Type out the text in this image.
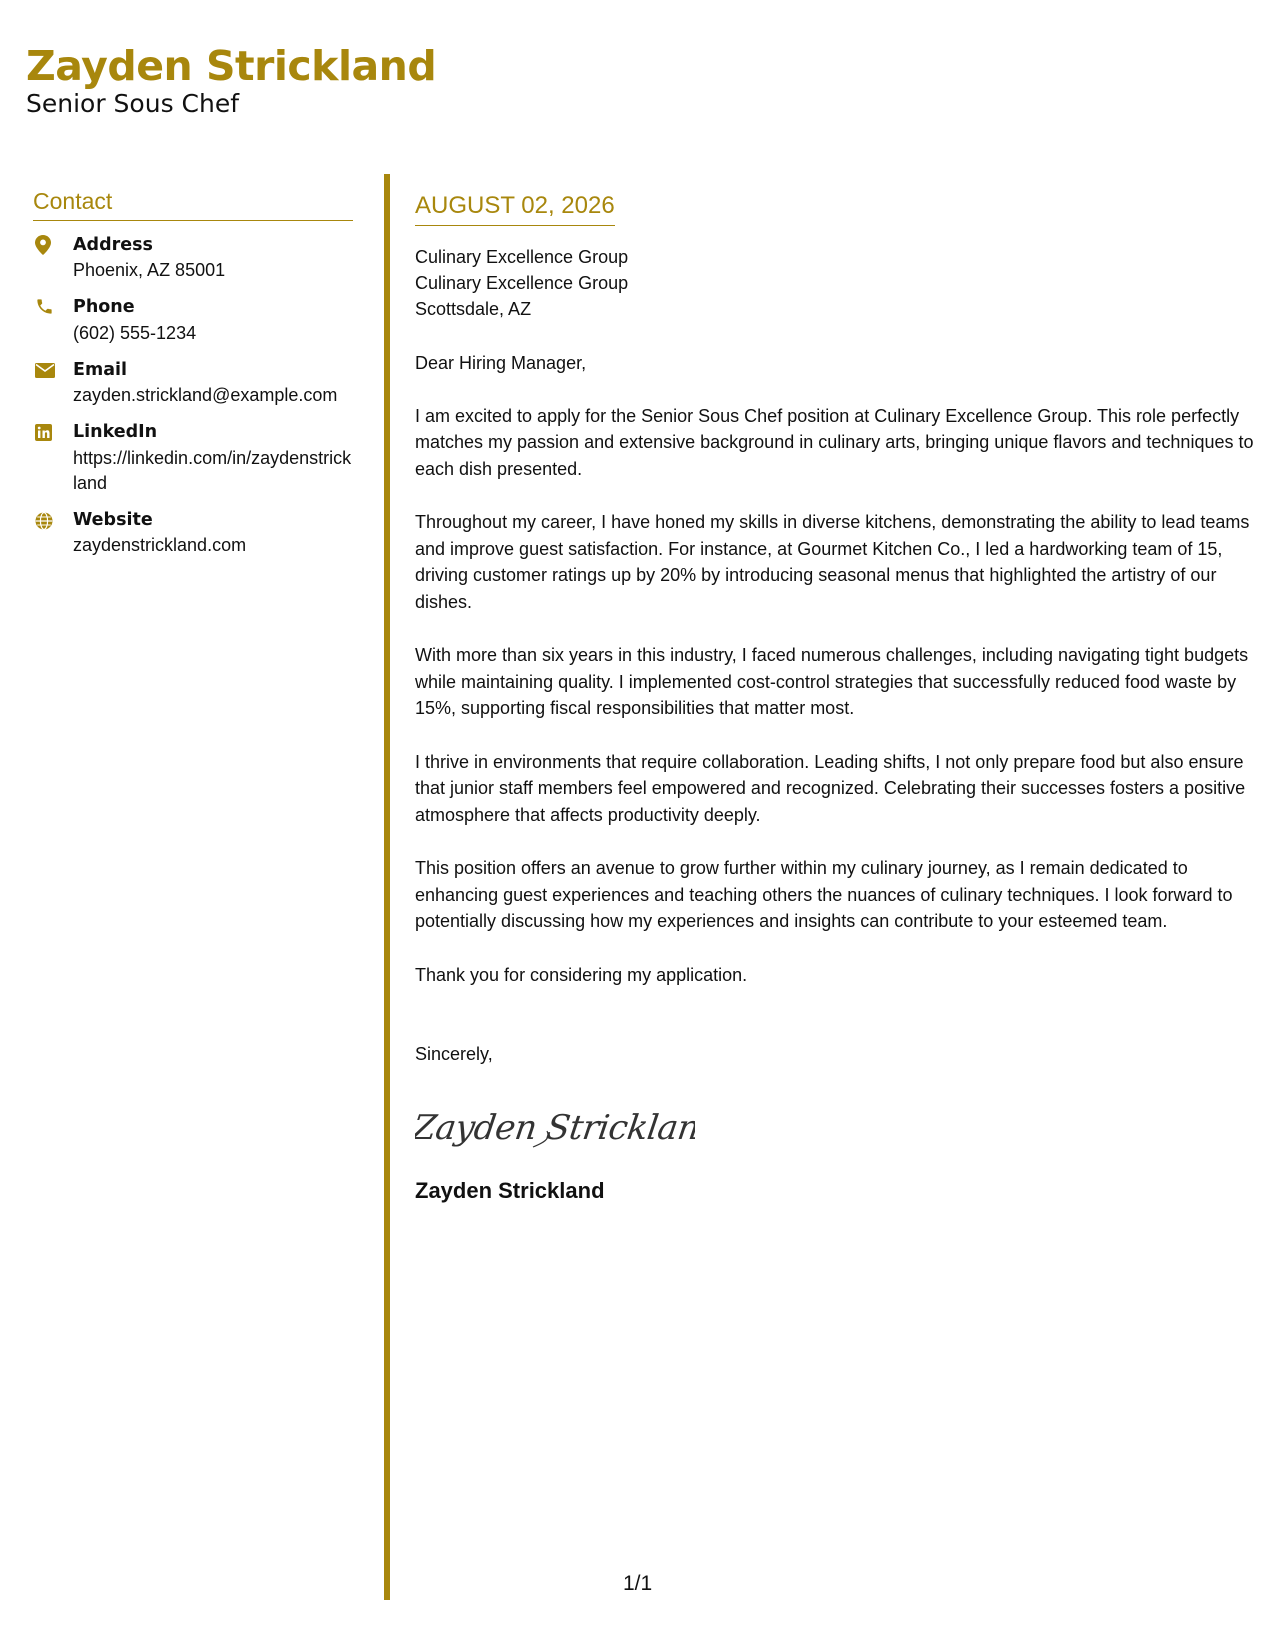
Zayden Strickland
Senior Sous Chef
Contact
Address
Phoenix, AZ 85001
Phone
(602) 555-1234
Email
zayden.strickland@example.com
LinkedIn
https://linkedin.com/in/zaydenstrickland
Website
zaydenstrickland.com
AUGUST 02, 2026
Culinary Excellence Group
Culinary Excellence Group
Scottsdale, AZ
Dear Hiring Manager,

I am excited to apply for the Senior Sous Chef position at Culinary Excellence Group. This role perfectly matches my passion and extensive background in culinary arts, bringing unique flavors and techniques to each dish presented.

Throughout my career, I have honed my skills in diverse kitchens, demonstrating the ability to lead teams and improve guest satisfaction. For instance, at Gourmet Kitchen Co., I led a hardworking team of 15, driving customer ratings up by 20% by introducing seasonal menus that highlighted the artistry of our dishes.

With more than six years in this industry, I faced numerous challenges, including navigating tight budgets while maintaining quality. I implemented cost-control strategies that successfully reduced food waste by 15%, supporting fiscal responsibilities that matter most.

I thrive in environments that require collaboration. Leading shifts, I not only prepare food but also ensure that junior staff members feel empowered and recognized. Celebrating their successes fosters a positive atmosphere that affects productivity deeply.

This position offers an avenue to grow further within my culinary journey, as I remain dedicated to enhancing guest experiences and teaching others the nuances of culinary techniques. I look forward to potentially discussing how my experiences and insights can contribute to your esteemed team.

Thank you for considering my application.

Sincerely,
Zayden Stricklan
Zayden Strickland
1/1
